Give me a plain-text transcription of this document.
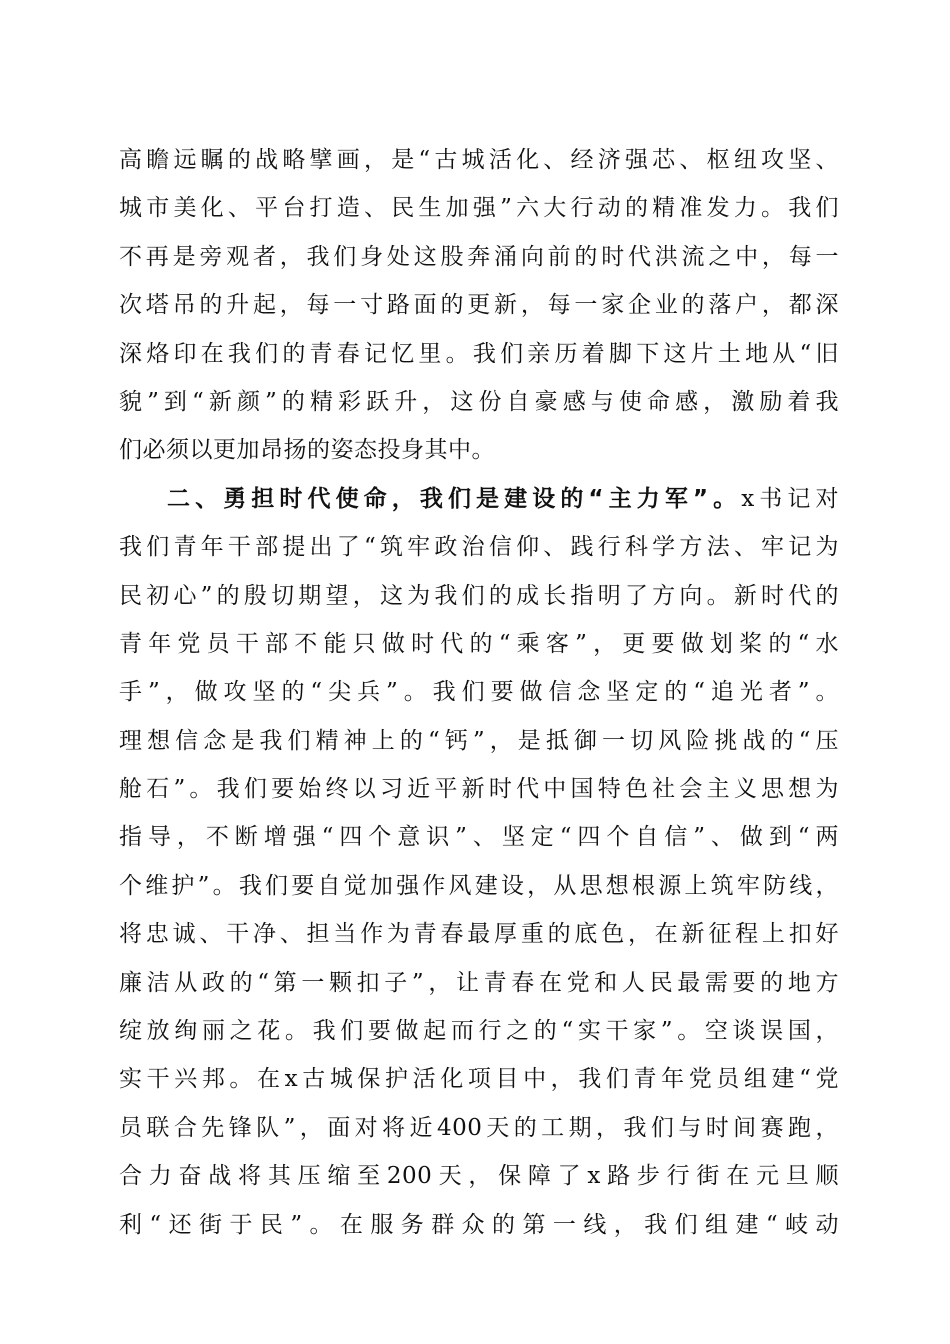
高瞻远瞩的战略擘画，是“古城活化、经济强芯、枢纽攻坚、
城市美化、平台打造、民生加强”六大行动的精准发力。我们
不再是旁观者，我们身处这股奔涌向前的时代洪流之中，每一
次塔吊的升起，每一寸路面的更新，每一家企业的落户，都深
深烙印在我们的青春记忆里。我们亲历着脚下这片土地从“旧
貌”到“新颜”的精彩跃升，这份自豪感与使命感，激励着我
们必须以更加昂扬的姿态投身其中。
二、勇担时代使命，我们是建设的“主力军”。x书记对
我们青年干部提出了“筑牢政治信仰、践行科学方法、牢记为
民初心”的殷切期望，这为我们的成长指明了方向。新时代的
青年党员干部不能只做时代的“乘客”，更要做划桨的“水
手”，做攻坚的“尖兵”。我们要做信念坚定的“追光者”。
理想信念是我们精神上的“钙”，是抵御一切风险挑战的“压
舱石”。我们要始终以习近平新时代中国特色社会主义思想为
指导，不断增强“四个意识”、坚定“四个自信”、做到“两
个维护”。我们要自觉加强作风建设，从思想根源上筑牢防线，
将忠诚、干净、担当作为青春最厚重的底色，在新征程上扣好
廉洁从政的“第一颗扣子”，让青春在党和人民最需要的地方
绽放绚丽之花。我们要做起而行之的“实干家”。空谈误国，
实干兴邦。在x古城保护活化项目中，我们青年党员组建“党
员联合先锋队”，面对将近400天的工期，我们与时间赛跑，
合力奋战将其压缩至200天，保障了x路步行街在元旦顺
利“还街于民”。在服务群众的第一线，我们组建“岐动
